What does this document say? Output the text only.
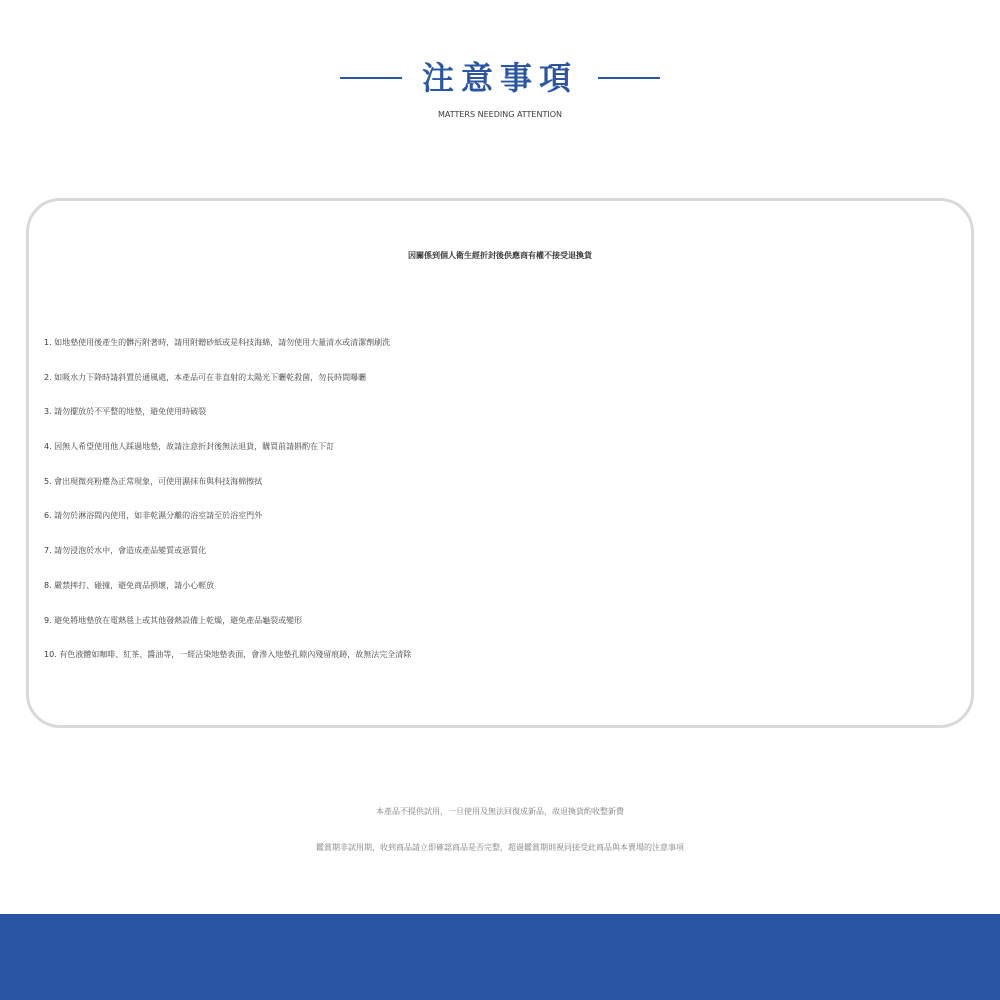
注意事項
MATTERS NEEDING ATTENTION
因關係到個人衛生經折封後供應商有權不接受退換貨
1. 如地墊使用後產生的髒污附著時，請用附贈砂紙或是科技海綿，請勿使用大量清水或清潔劑刷洗
2. 如吸水力下降時請斜置於通風處，本產品可在非直射的太陽光下曬乾殺菌，勿長時間曝曬
3. 請勿擺放於不平整的地墊，避免使用時破裂
4. 因無人希望使用他人踩過地墊，故請注意折封後無法退貨，購買前請斟酌在下訂
5. 會出現微亮粉塵為正常現象，可使用濕抹布與科技海棉擦拭
6. 請勿於淋浴間內使用，如非乾濕分離的浴室請至於浴室門外
7. 請勿浸泡於水中，會造成產品變質或惡質化
8. 嚴禁摔打、碰撞，避免商品損壞，請小心輕放
9. 避免將地墊放在電熱毯上或其他發熱設備上乾燥，避免產品龜裂或變形
10. 有色液體如咖啡、紅茶、醬油等，一經沾染地墊表面，會滲入地墊孔隙內殘留痕跡，故無法完全清除
本產品不提供試用，一旦使用及無法回復成新品，故退換貨酌收整新費
鑑賞期非試用期，收到商品請立即確認商品是否完整，超過鑑賞期則視同接受此商品與本賣場的注意事項
